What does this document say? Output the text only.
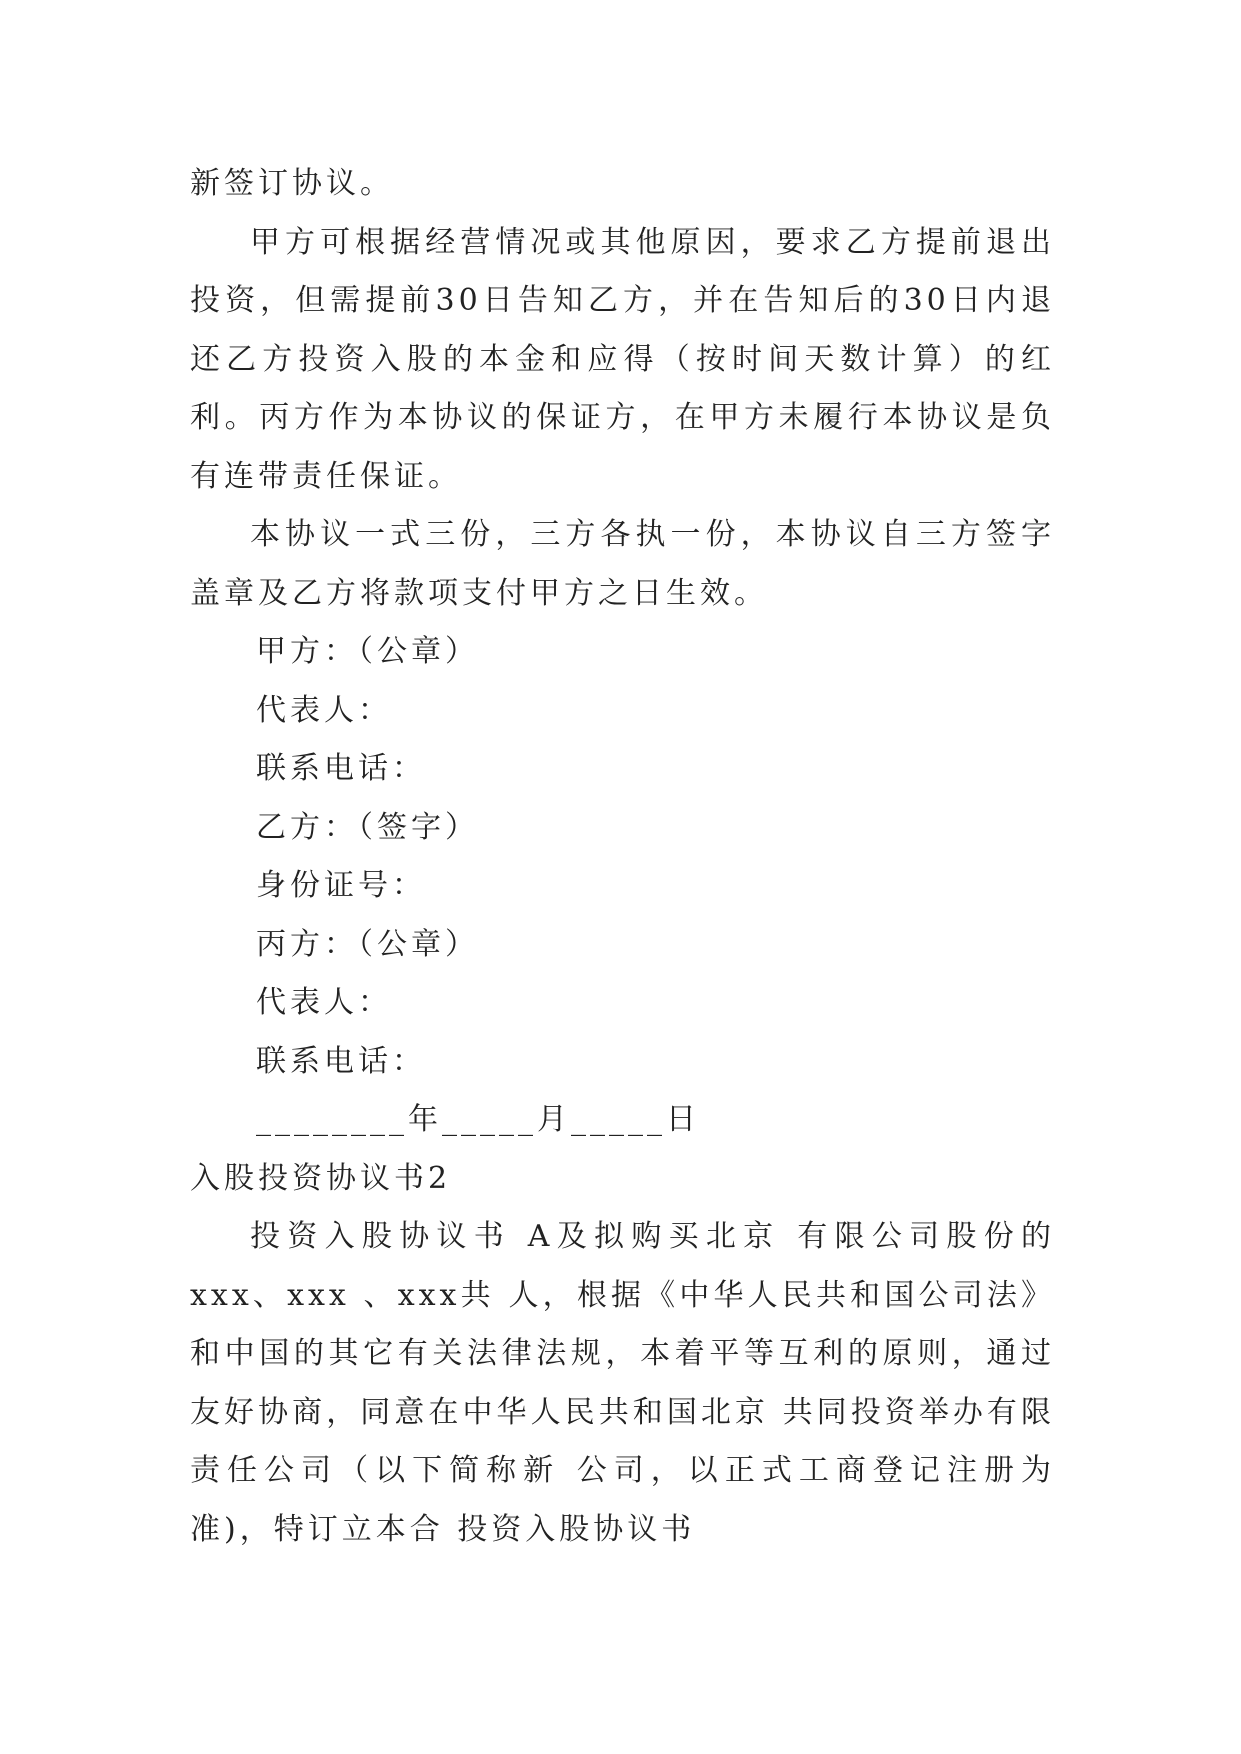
新签订协议。

甲方可根据经营情况或其他原因，要求乙方提前退出投资，但需提前30日告知乙方，并在告知后的30日内退还乙方投资入股的本金和应得（按时间天数计算）的红利。丙方作为本协议的保证方，在甲方未履行本协议是负有连带责任保证。

本协议一式三份，三方各执一份，本协议自三方签字盖章及乙方将款项支付甲方之日生效。

甲方：（公章）

代表人：

联系电话：

乙方：（签字）

身份证号：

丙方：（公章）

代表人：

联系电话：

________年_____月_____日

入股投资协议书2

投资入股协议书 A及拟购买北京 有限公司股份的 xxx、xxx 、xxx共 人，根据《中华人民共和国公司法》和中国的其它有关法律法规，本着平等互利的原则，通过友好协商，同意在中华人民共和国北京 共同投资举办有限责任公司（以下简称新 公司，以正式工商登记注册为准)，特订立本合 投资入股协议书
